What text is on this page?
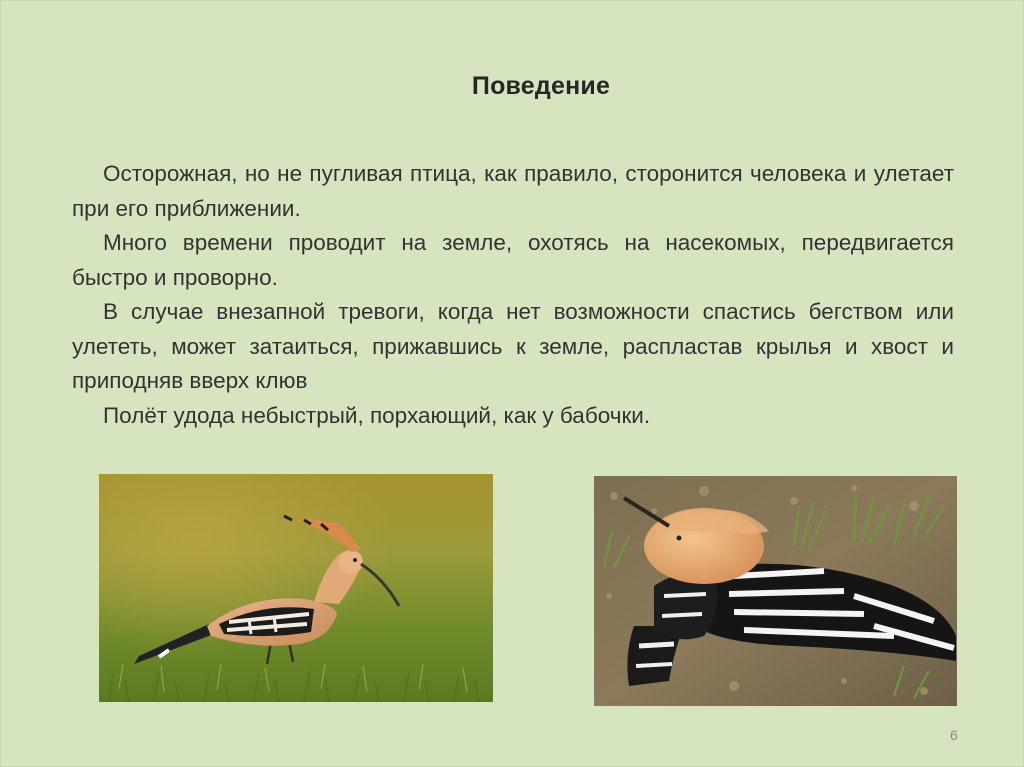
Поведение

Осторожная, но не пугливая птица, как правило, сторонится человека и улетает при его приближении.

Много времени проводит на земле, охотясь на насекомых, передвигается быстро и проворно.

В случае внезапной тревоги, когда нет возможности спастись бегством или улететь, может затаиться, прижавшись к земле, распластав крылья и хвост и приподняв вверх клюв

Полёт удода небыстрый, порхающий, как у бабочки.

6
